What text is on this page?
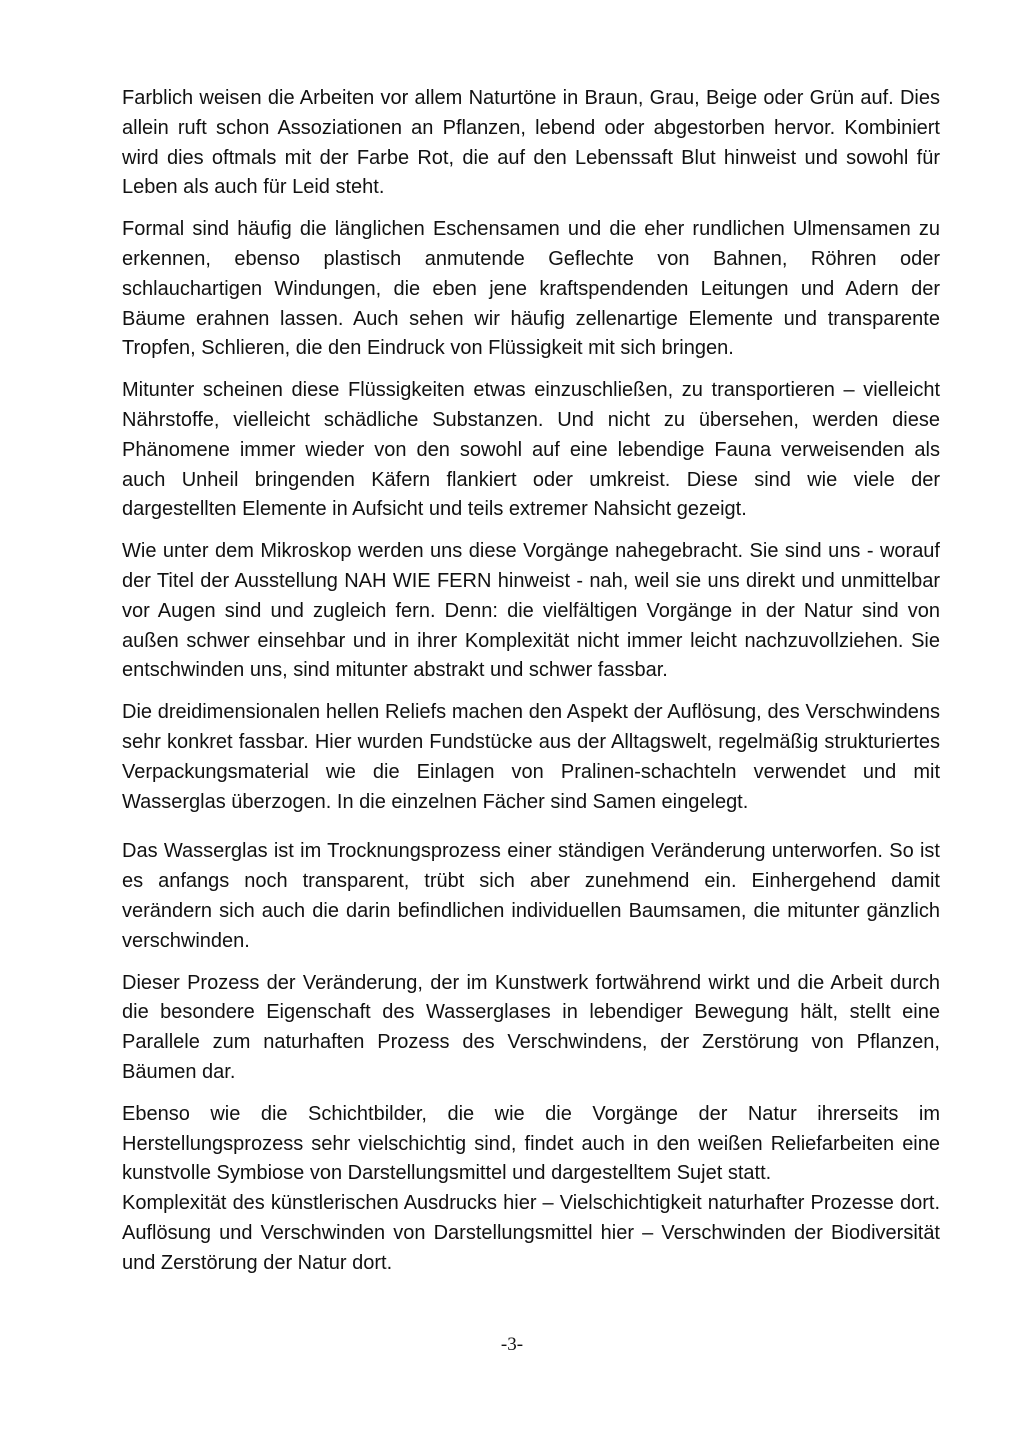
Farblich weisen die Arbeiten vor allem Naturtöne in Braun, Grau, Beige oder Grün auf. Dies allein ruft schon Assoziationen an Pflanzen, lebend oder abgestorben hervor. Kombiniert wird dies oftmals mit der Farbe Rot, die auf den Lebenssaft Blut hinweist und sowohl für Leben als auch für Leid steht.

Formal sind häufig die länglichen Eschensamen und die eher rundlichen Ulmensamen zu erkennen, ebenso plastisch anmutende Geflechte von Bahnen, Röhren oder schlauchartigen Windungen, die eben jene kraftspendenden Leitungen und Adern der Bäume erahnen lassen. Auch sehen wir häufig zellenartige Elemente und transparente Tropfen, Schlieren, die den Eindruck von Flüssigkeit mit sich bringen.

Mitunter scheinen diese Flüssigkeiten etwas einzuschließen, zu transportieren – vielleicht Nährstoffe, vielleicht schädliche Substanzen. Und nicht zu übersehen, werden diese Phänomene immer wieder von den sowohl auf eine lebendige Fauna verweisenden als auch Unheil bringenden Käfern flankiert oder umkreist. Diese sind wie viele der dargestellten Elemente in Aufsicht und teils extremer Nahsicht gezeigt.

Wie unter dem Mikroskop werden uns diese Vorgänge nahegebracht. Sie sind uns - worauf der Titel der Ausstellung NAH WIE FERN hinweist - nah, weil sie uns direkt und unmittelbar vor Augen sind und zugleich fern. Denn: die vielfältigen Vorgänge in der Natur sind von außen schwer einsehbar und in ihrer Komplexität nicht immer leicht nachzuvollziehen. Sie entschwinden uns, sind mitunter abstrakt und schwer fassbar.

Die dreidimensionalen hellen Reliefs machen den Aspekt der Auflösung, des Verschwindens sehr konkret fassbar. Hier wurden Fundstücke aus der Alltagswelt, regelmäßig strukturiertes Verpackungsmaterial wie die Einlagen von Pralinen-schachteln verwendet und mit Wasserglas überzogen. In die einzelnen Fächer sind Samen eingelegt.

Das Wasserglas ist im Trocknungsprozess einer ständigen Veränderung unterworfen. So ist es anfangs noch transparent, trübt sich aber zunehmend ein. Einhergehend damit verändern sich auch die darin befindlichen individuellen Baumsamen, die mitunter gänzlich verschwinden.

Dieser Prozess der Veränderung, der im Kunstwerk fortwährend wirkt und die Arbeit durch die besondere Eigenschaft des Wasserglases in lebendiger Bewegung hält, stellt eine Parallele zum naturhaften Prozess des Verschwindens, der Zerstörung von Pflanzen, Bäumen dar.

Ebenso wie die Schichtbilder, die wie die Vorgänge der Natur ihrerseits im Herstellungsprozess sehr vielschichtig sind, findet auch in den weißen Reliefarbeiten eine kunstvolle Symbiose von Darstellungsmittel und dargestelltem Sujet statt.

Komplexität des künstlerischen Ausdrucks hier – Vielschichtigkeit naturhafter Prozesse dort. Auflösung und Verschwinden von Darstellungsmittel hier – Verschwinden der Biodiversität und Zerstörung der Natur dort.

-3-
